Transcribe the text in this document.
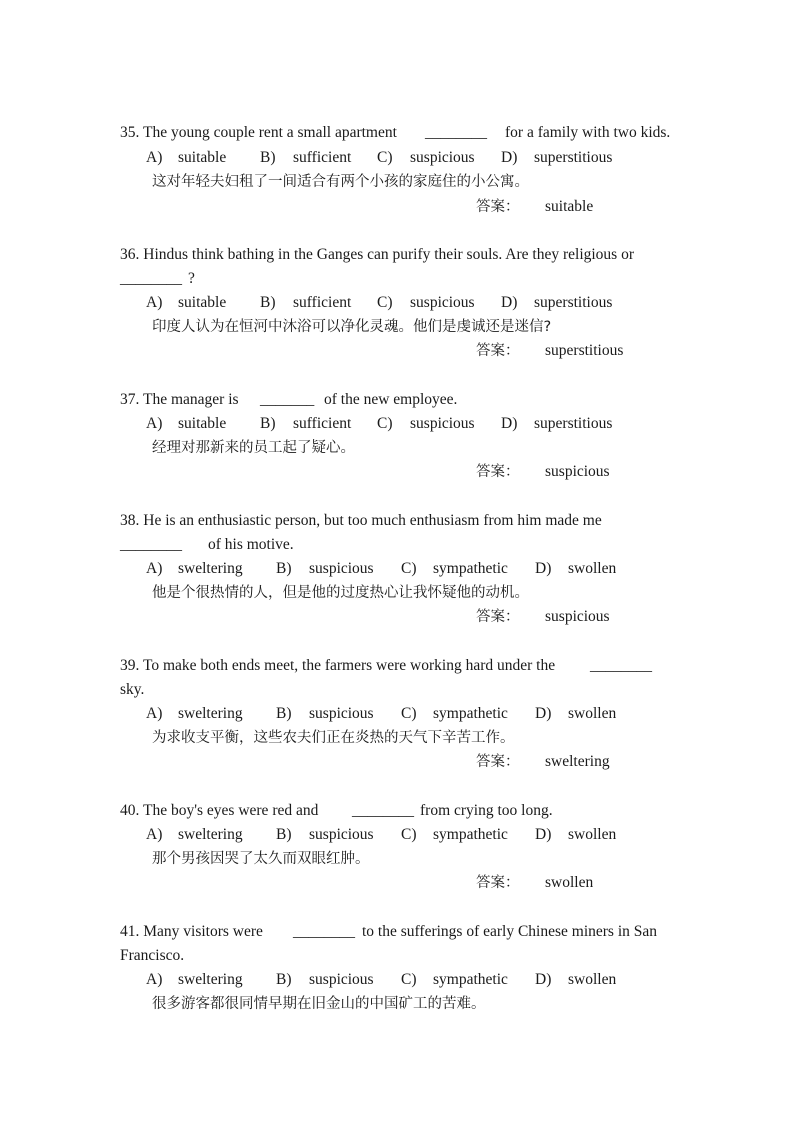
35. The young couple rent a small apartment ________ for a family with two kids.
A) suitable B) sufficient C) suspicious D) superstitious
这对年轻夫妇租了一间适合有两个小孩的家庭住的小公寓。
答案： suitable
36. Hindus think bathing in the Ganges can purify their souls. Are they religious or
________ ?
A) suitable B) sufficient C) suspicious D) superstitious
印度人认为在恒河中沐浴可以净化灵魂。他们是虔诚还是迷信?
答案： superstitious
37. The manager is _______ of the new employee.
A) suitable B) sufficient C) suspicious D) superstitious
经理对那新来的员工起了疑心。
答案： suspicious
38. He is an enthusiastic person, but too much enthusiasm from him made me
________ of his motive.
A) sweltering B) suspicious C) sympathetic D) swollen
他是个很热情的人，但是他的过度热心让我怀疑他的动机。
答案： suspicious
39. To make both ends meet, the farmers were working hard under the ________
sky.
A) sweltering B) suspicious C) sympathetic D) swollen
为求收支平衡，这些农夫们正在炎热的天气下辛苦工作。
答案： sweltering
40. The boy's eyes were red and ________ from crying too long.
A) sweltering B) suspicious C) sympathetic D) swollen
那个男孩因哭了太久而双眼红肿。
答案： swollen
41. Many visitors were ________ to the sufferings of early Chinese miners in San
Francisco.
A) sweltering B) suspicious C) sympathetic D) swollen
很多游客都很同情早期在旧金山的中国矿工的苦难。
